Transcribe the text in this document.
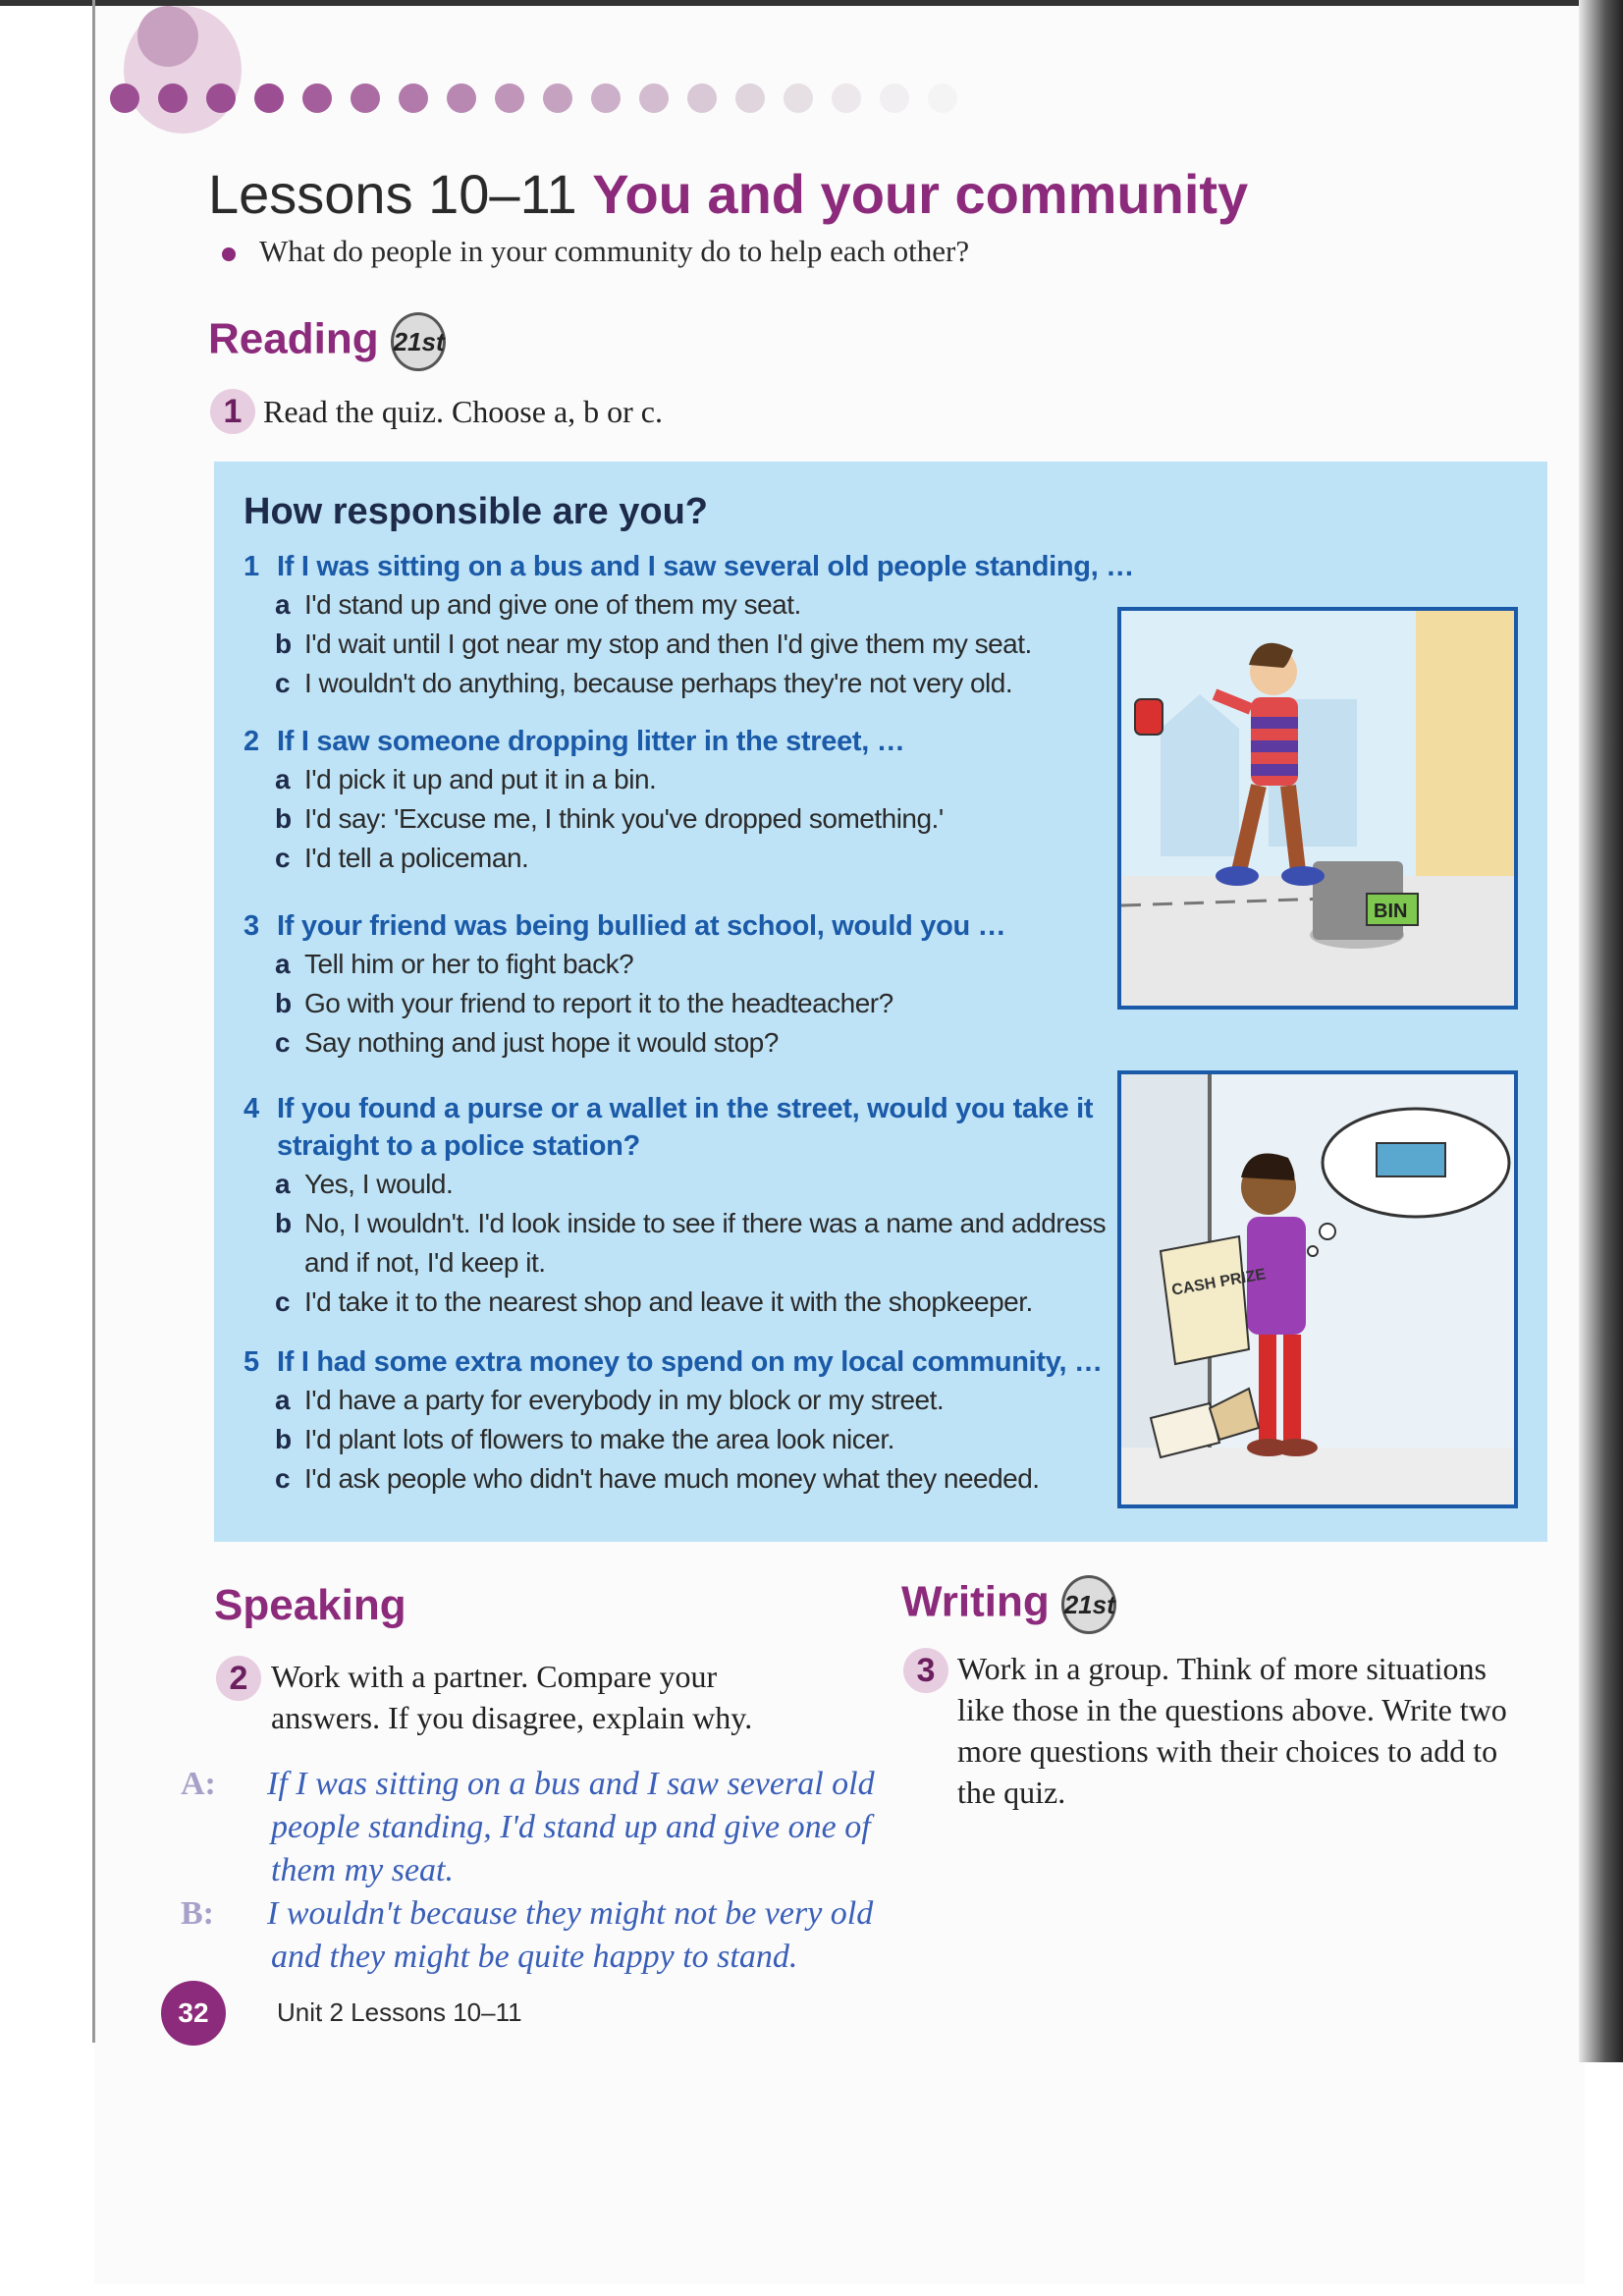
Lessons 10–11 You and your community
What do people in your community do to help each other?
Reading 21st
1 Read the quiz. Choose a, b or c.
How responsible are you?
1 If I was sitting on a bus and I saw several old people standing, …
a I'd stand up and give one of them my seat.
b I'd wait until I got near my stop and then I'd give them my seat.
c I wouldn't do anything, because perhaps they're not very old.
2 If I saw someone dropping litter in the street, …
a I'd pick it up and put it in a bin.
b I'd say: 'Excuse me, I think you've dropped something.'
c I'd tell a policeman.
3 If your friend was being bullied at school, would you …
a Tell him or her to fight back?
b Go with your friend to report it to the headteacher?
c Say nothing and just hope it would stop?
4 If you found a purse or a wallet in the street, would you take it straight to a police station?
a Yes, I would.
b No, I wouldn't. I'd look inside to see if there was a name and address and if not, I'd keep it.
c I'd take it to the nearest shop and leave it with the shopkeeper.
5 If I had some extra money to spend on my local community, …
a I'd have a party for everybody in my block or my street.
b I'd plant lots of flowers to make the area look nicer.
c I'd ask people who didn't have much money what they needed.
BIN
CASH PRIZE
Speaking
2 Work with a partner. Compare your answers. If you disagree, explain why.
A: If I was sitting on a bus and I saw several old people standing, I'd stand up and give one of them my seat.
B: I wouldn't because they might not be very old and they might be quite happy to stand.
Writing 21st
3 Work in a group. Think of more situations like those in the questions above. Write two more questions with their choices to add to the quiz.
32	Unit 2 Lessons 10–11
